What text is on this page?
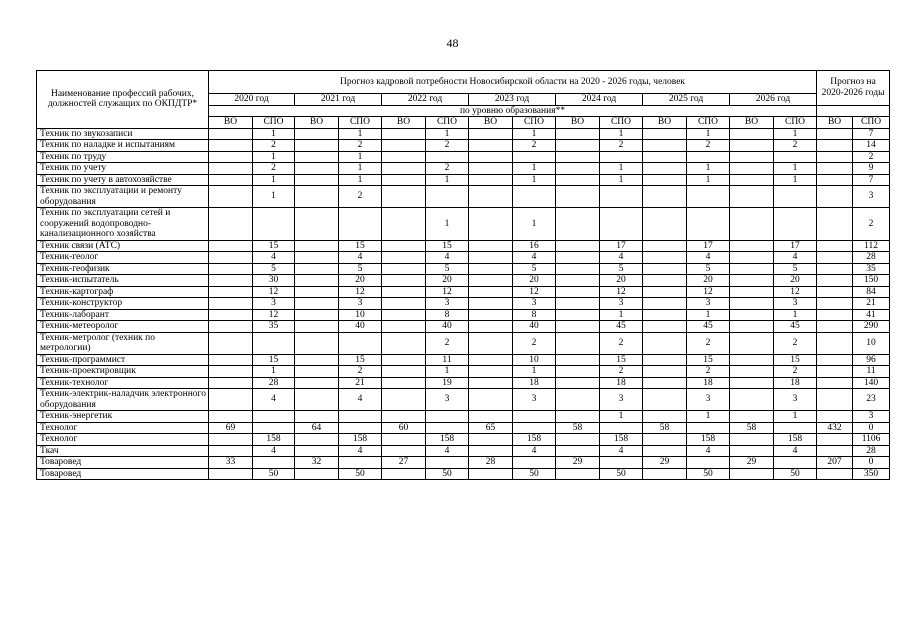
48
Наименование профессий рабочих, должностей служащих по ОКПДТР*	Прогноз кадровой потребности Новосибирской области на 2020 - 2026 годы, человек														Прогноз на 2020-2026 годы	
	2020 год		2021 год		2022 год		2023 год		2024 год		2025 год		2026 год			
	по уровню образования**															
	ВО	СПО	ВО	СПО	ВО	СПО	ВО	СПО	ВО	СПО	ВО	СПО	ВО	СПО	ВО	СПО
Техник по звукозаписи		1		1		1		1		1		1		1		7
Техник по наладке и испытаниям		2		2		2		2		2		2		2		14
Техник по труду		1		1												2
Техник по учету		2		1		2		1		1		1		1		9
Техник по учету в автохозяйстве		1		1		1		1		1		1		1		7
Техник по эксплуатации и ремонту оборудования		1		2												3
Техник по эксплуатации сетей и сооружений водопроводно-канализационного хозяйства						1		1								2
Техник связи (АТС)		15		15		15		16		17		17		17		112
Техник-геолог		4		4		4		4		4		4		4		28
Техник-геофизик		5		5		5		5		5		5		5		35
Техник-испытатель		30		20		20		20		20		20		20		150
Техник-картограф		12		12		12		12		12		12		12		84
Техник-конструктор		3		3		3		3		3		3		3		21
Техник-лаборант		12		10		8		8		1		1		1		41
Техник-метеоролог		35		40		40		40		45		45		45		290
Техник-метролог (техник по метрологии)						2		2		2		2		2		10
Техник-программист		15		15		11		10		15		15		15		96
Техник-проектировщик		1		2		1		1		2		2		2		11
Техник-технолог		28		21		19		18		18		18		18		140
Техник-электрик-наладчик электронного оборудования		4		4		3		3		3		3		3		23
Техник-энергетик										1		1		1		3
Технолог	69		64		60		65		58		58		58		432	0
Технолог		158		158		158		158		158		158		158		1106
Ткач		4		4		4		4		4		4		4		28
Товаровед	33		32		27		28		29		29		29		207	0
Товаровед		50		50		50		50		50		50		50		350
